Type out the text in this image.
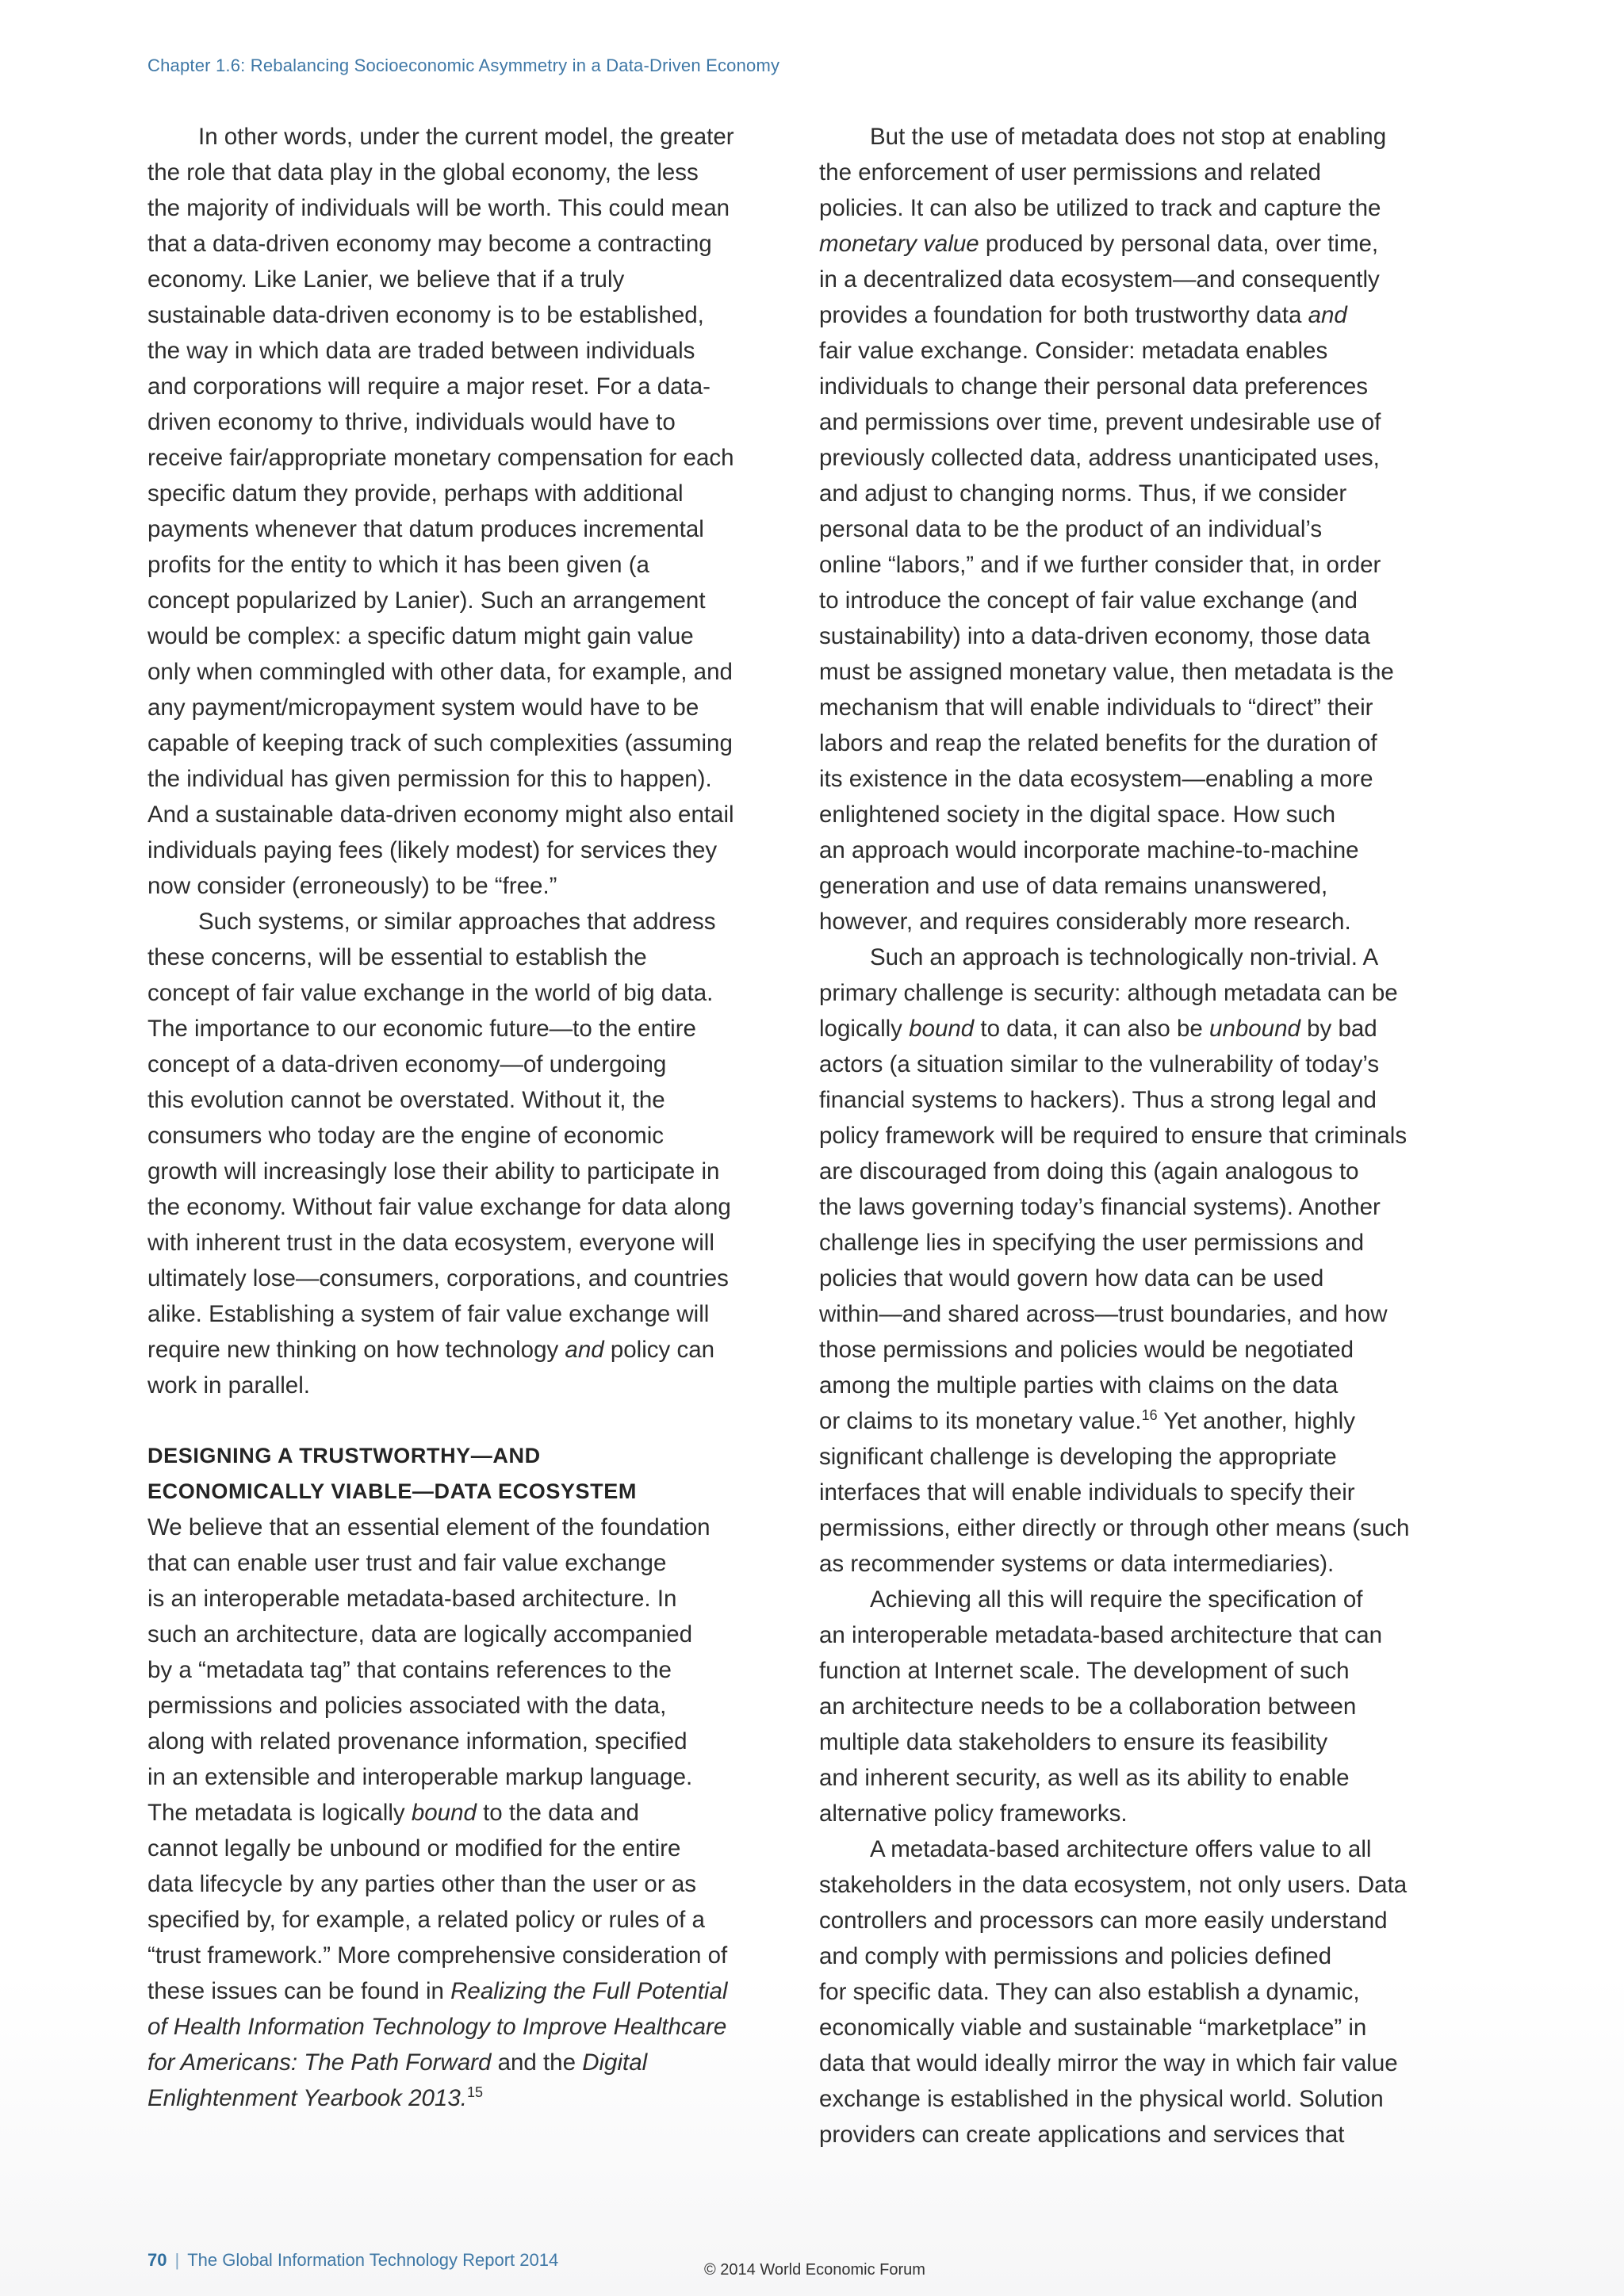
Chapter 1.6: Rebalancing Socioeconomic Asymmetry in a Data-Driven Economy
In other words, under the current model, the greater
the role that data play in the global economy, the less
the majority of individuals will be worth. This could mean
that a data-driven economy may become a contracting
economy. Like Lanier, we believe that if a truly
sustainable data-driven economy is to be established,
the way in which data are traded between individuals
and corporations will require a major reset. For a data-
driven economy to thrive, individuals would have to
receive fair/appropriate monetary compensation for each
specific datum they provide, perhaps with additional
payments whenever that datum produces incremental
profits for the entity to which it has been given (a
concept popularized by Lanier). Such an arrangement
would be complex: a specific datum might gain value
only when commingled with other data, for example, and
any payment/micropayment system would have to be
capable of keeping track of such complexities (assuming
the individual has given permission for this to happen).
And a sustainable data-driven economy might also entail
individuals paying fees (likely modest) for services they
now consider (erroneously) to be “free.”
Such systems, or similar approaches that address
these concerns, will be essential to establish the
concept of fair value exchange in the world of big data.
The importance to our economic future—to the entire
concept of a data-driven economy—of undergoing
this evolution cannot be overstated. Without it, the
consumers who today are the engine of economic
growth will increasingly lose their ability to participate in
the economy. Without fair value exchange for data along
with inherent trust in the data ecosystem, everyone will
ultimately lose—consumers, corporations, and countries
alike. Establishing a system of fair value exchange will
require new thinking on how technology and policy can
work in parallel.
DESIGNING A TRUSTWORTHY—AND
ECONOMICALLY VIABLE—DATA ECOSYSTEM
We believe that an essential element of the foundation
that can enable user trust and fair value exchange
is an interoperable metadata-based architecture. In
such an architecture, data are logically accompanied
by a “metadata tag” that contains references to the
permissions and policies associated with the data,
along with related provenance information, specified
in an extensible and interoperable markup language.
The metadata is logically bound to the data and
cannot legally be unbound or modified for the entire
data lifecycle by any parties other than the user or as
specified by, for example, a related policy or rules of a
“trust framework.” More comprehensive consideration of
these issues can be found in Realizing the Full Potential
of Health Information Technology to Improve Healthcare
for Americans: The Path Forward and the Digital
Enlightenment Yearbook 2013.15
But the use of metadata does not stop at enabling
the enforcement of user permissions and related
policies. It can also be utilized to track and capture the
monetary value produced by personal data, over time,
in a decentralized data ecosystem—and consequently
provides a foundation for both trustworthy data and
fair value exchange. Consider: metadata enables
individuals to change their personal data preferences
and permissions over time, prevent undesirable use of
previously collected data, address unanticipated uses,
and adjust to changing norms. Thus, if we consider
personal data to be the product of an individual’s
online “labors,” and if we further consider that, in order
to introduce the concept of fair value exchange (and
sustainability) into a data-driven economy, those data
must be assigned monetary value, then metadata is the
mechanism that will enable individuals to “direct” their
labors and reap the related benefits for the duration of
its existence in the data ecosystem—enabling a more
enlightened society in the digital space. How such
an approach would incorporate machine-to-machine
generation and use of data remains unanswered,
however, and requires considerably more research.
Such an approach is technologically non-trivial. A
primary challenge is security: although metadata can be
logically bound to data, it can also be unbound by bad
actors (a situation similar to the vulnerability of today’s
financial systems to hackers). Thus a strong legal and
policy framework will be required to ensure that criminals
are discouraged from doing this (again analogous to
the laws governing today’s financial systems). Another
challenge lies in specifying the user permissions and
policies that would govern how data can be used
within—and shared across—trust boundaries, and how
those permissions and policies would be negotiated
among the multiple parties with claims on the data
or claims to its monetary value.$^{16}$ Yet another, highly
significant challenge is developing the appropriate
interfaces that will enable individuals to specify their
permissions, either directly or through other means (such
as recommender systems or data intermediaries).
Achieving all this will require the specification of
an interoperable metadata-based architecture that can
function at Internet scale. The development of such
an architecture needs to be a collaboration between
multiple data stakeholders to ensure its feasibility
and inherent security, as well as its ability to enable
alternative policy frameworks.
A metadata-based architecture offers value to all
stakeholders in the data ecosystem, not only users. Data
controllers and processors can more easily understand
and comply with permissions and policies defined
for specific data. They can also establish a dynamic,
economically viable and sustainable “marketplace” in
data that would ideally mirror the way in which fair value
exchange is established in the physical world. Solution
providers can create applications and services that
70 | The Global Information Technology Report 2014	© 2014 World Economic Forum
